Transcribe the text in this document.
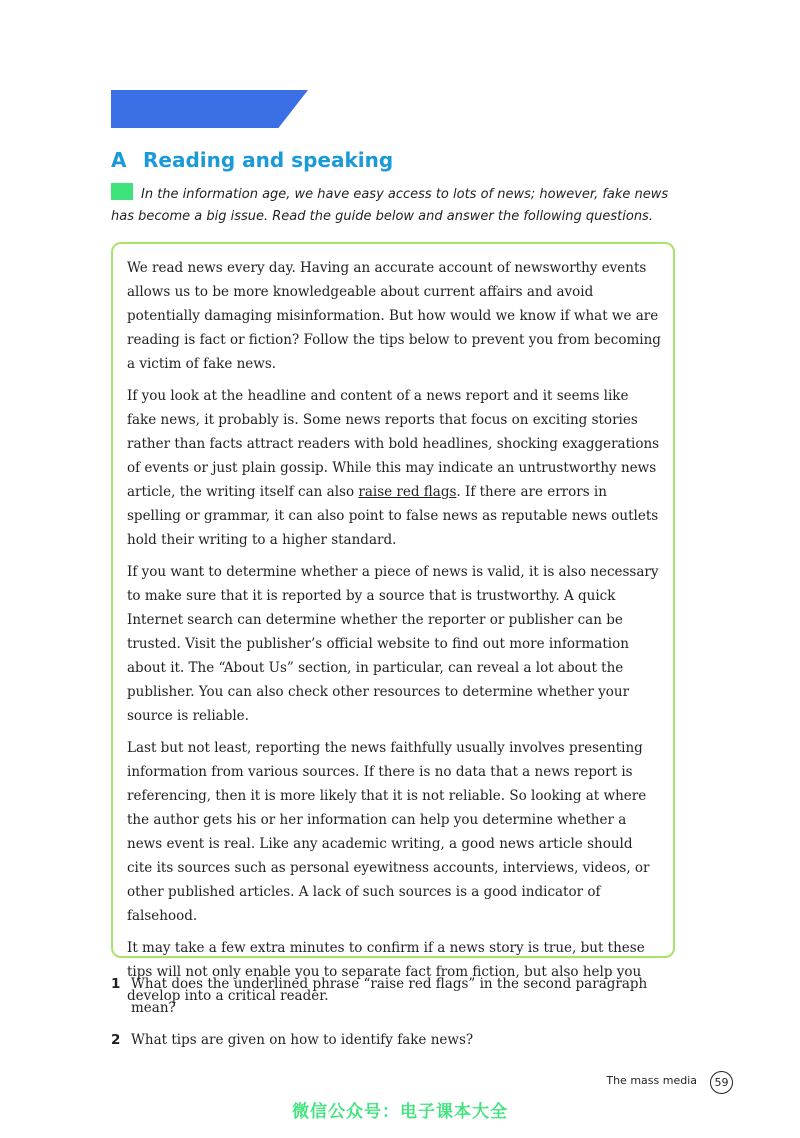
A Reading and speaking

In the information age, we have easy access to lots of news; however, fake news has become a big issue. Read the guide below and answer the following questions.

We read news every day. Having an accurate account of newsworthy events allows us to be more knowledgeable about current affairs and avoid potentially damaging misinformation. But how would we know if what we are reading is fact or fiction? Follow the tips below to prevent you from becoming a victim of fake news.

If you look at the headline and content of a news report and it seems like fake news, it probably is. Some news reports that focus on exciting stories rather than facts attract readers with bold headlines, shocking exaggerations of events or just plain gossip. While this may indicate an untrustworthy news article, the writing itself can also raise red flags. If there are errors in spelling or grammar, it can also point to false news as reputable news outlets hold their writing to a higher standard.

If you want to determine whether a piece of news is valid, it is also necessary to make sure that it is reported by a source that is trustworthy. A quick Internet search can determine whether the reporter or publisher can be trusted. Visit the publisher’s official website to find out more information about it. The “About Us” section, in particular, can reveal a lot about the publisher. You can also check other resources to determine whether your source is reliable.

Last but not least, reporting the news faithfully usually involves presenting information from various sources. If there is no data that a news report is referencing, then it is more likely that it is not reliable. So looking at where the author gets his or her information can help you determine whether a news event is real. Like any academic writing, a good news article should cite its sources such as personal eyewitness accounts, interviews, videos, or other published articles. A lack of such sources is a good indicator of falsehood.

It may take a few extra minutes to confirm if a news story is true, but these tips will not only enable you to separate fact from fiction, but also help you develop into a critical reader.

1 What does the underlined phrase “raise red flags” in the second paragraph mean?
2 What tips are given on how to identify fake news?
The mass media	59
微信公众号：电子课本大全
